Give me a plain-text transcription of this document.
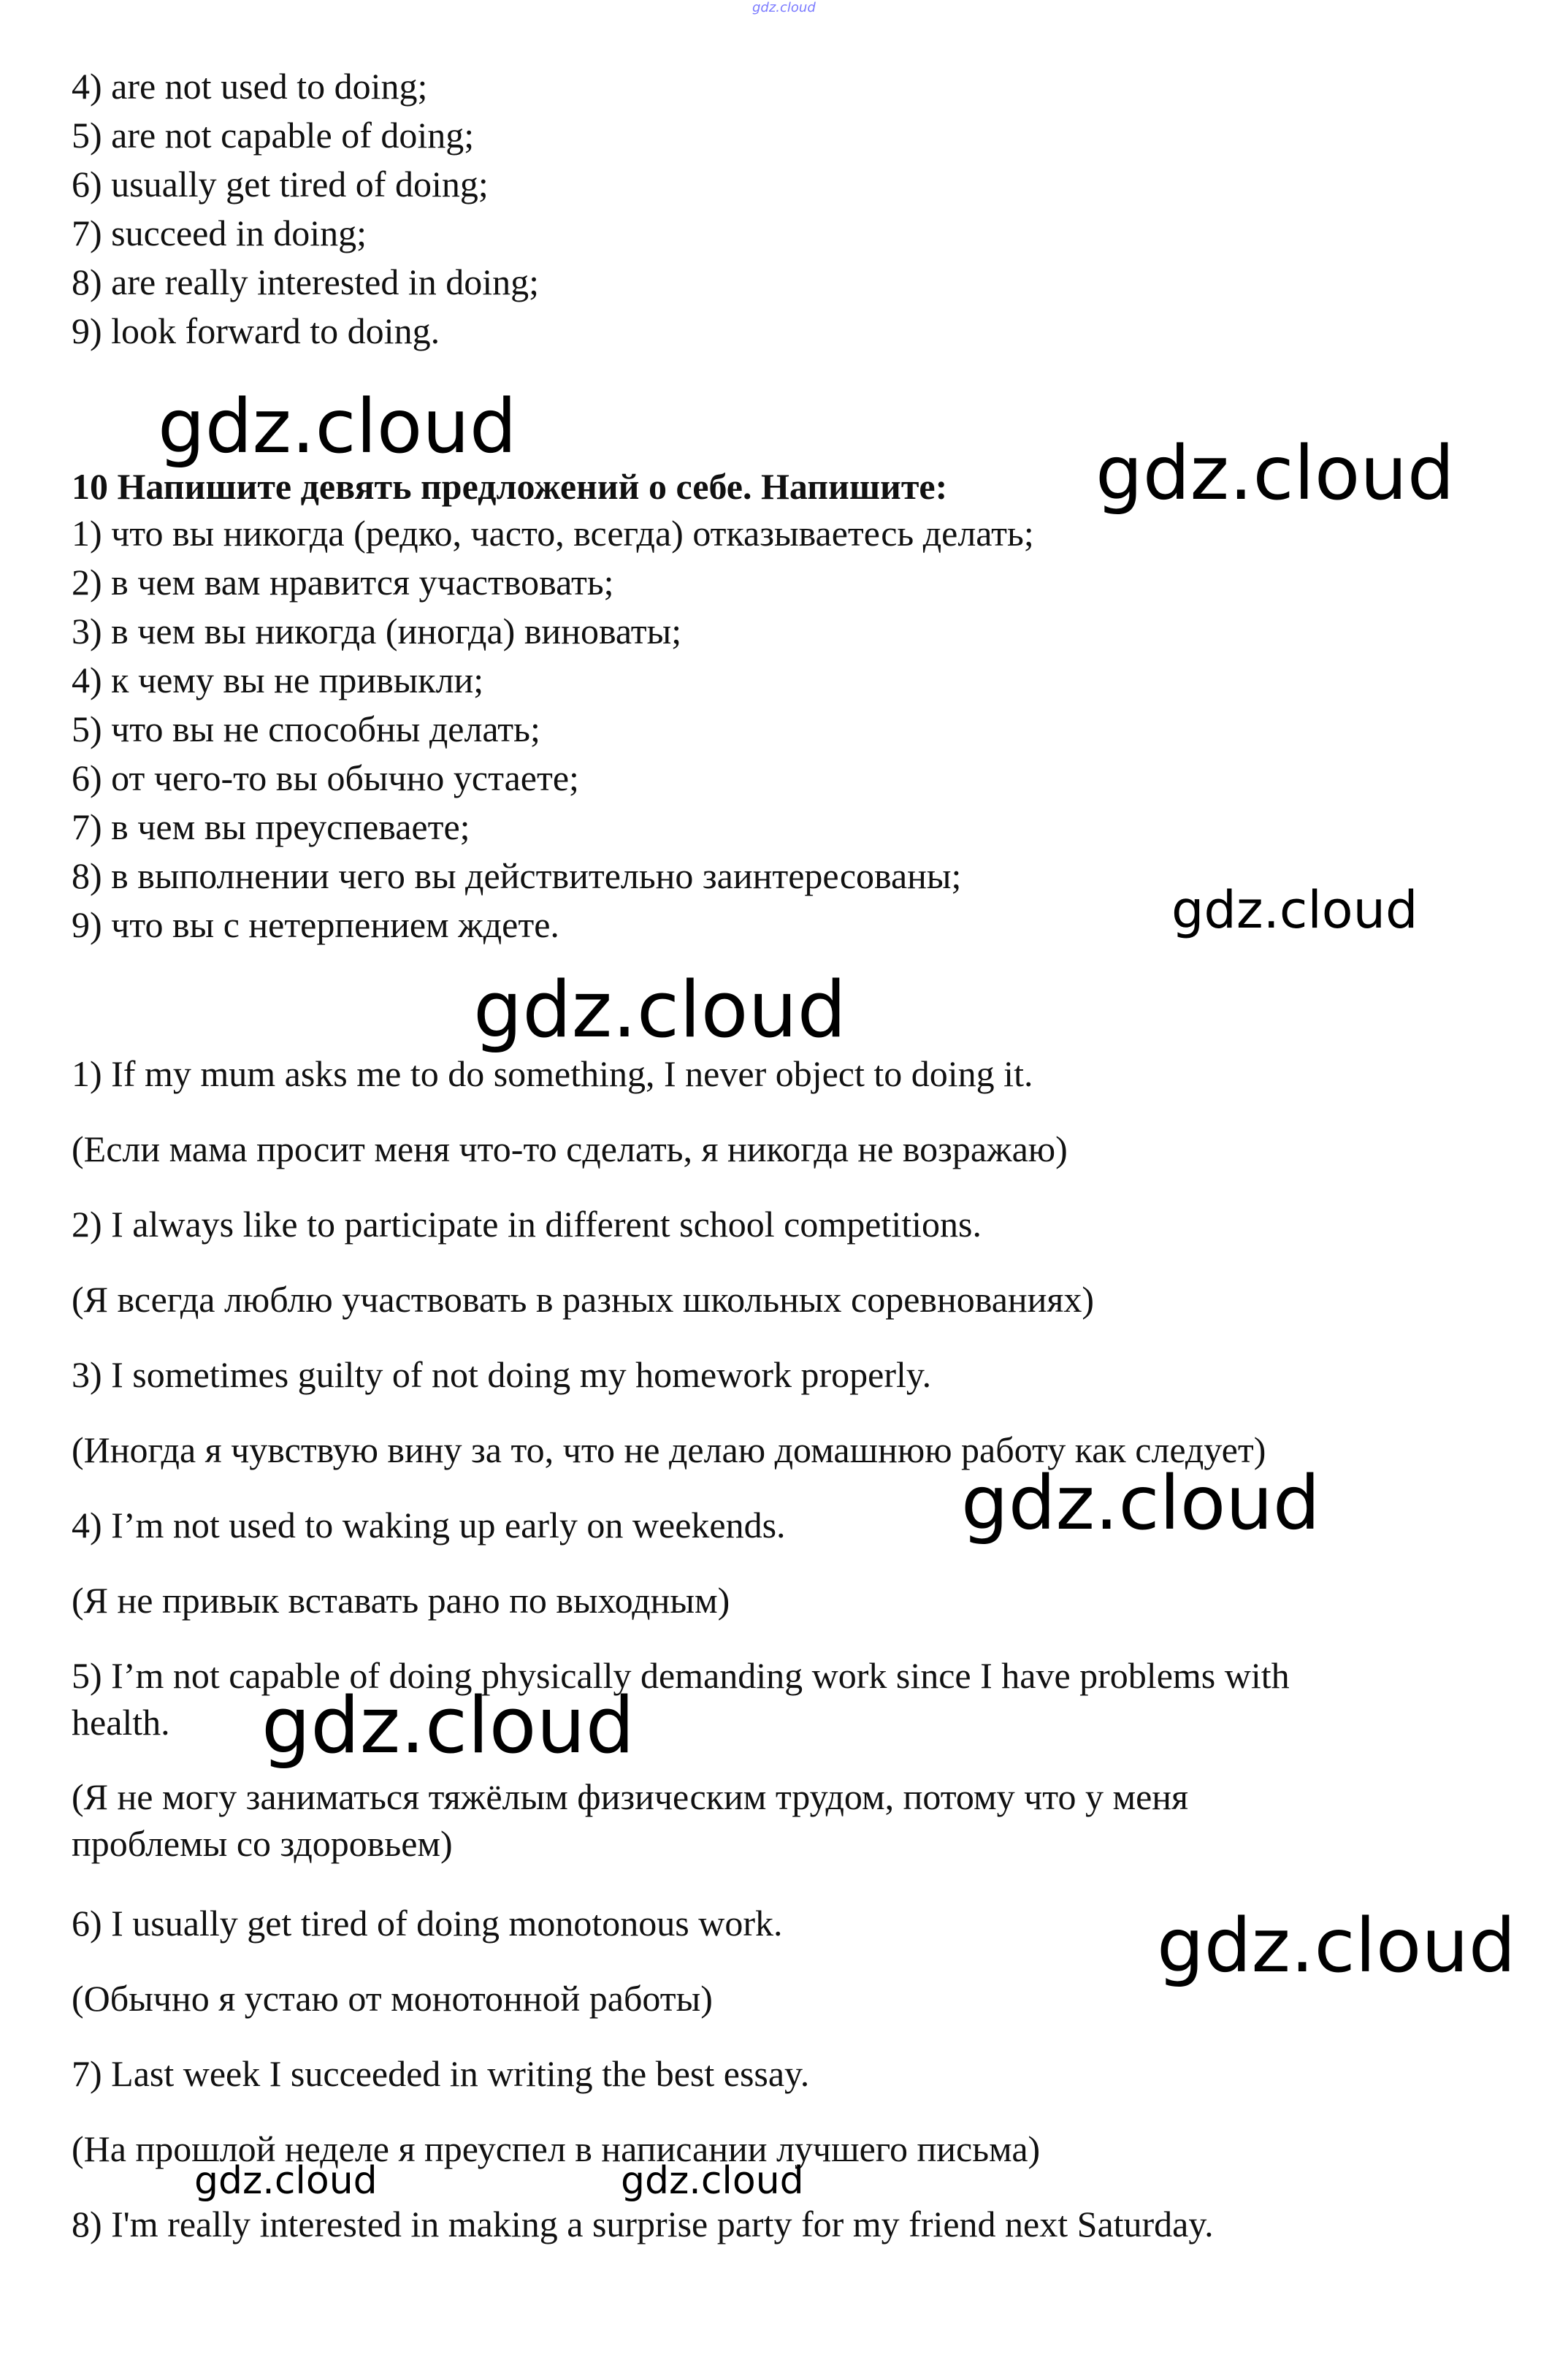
gdz.cloud
4) are not used to doing;
5) are not capable of doing;
6) usually get tired of doing;
7) succeed in doing;
8) are really interested in doing;
9) look forward to doing.
10 Напишите девять предложений о себе. Напишите:
1) что вы никогда (редко, часто, всегда) отказываетесь делать;
2) в чем вам нравится участвовать;
3) в чем вы никогда (иногда) виноваты;
4) к чему вы не привыкли;
5) что вы не способны делать;
6) от чего-то вы обычно устаете;
7) в чем вы преуспеваете;
8) в выполнении чего вы действительно заинтересованы;
9) что вы с нетерпением ждете.
1) If my mum asks me to do something, I never object to doing it.
(Если мама просит меня что-то сделать, я никогда не возражаю)
2) I always like to participate in different school competitions.
(Я всегда люблю участвовать в разных школьных соревнованиях)
3) I sometimes guilty of not doing my homework properly.
(Иногда я чувствую вину за то, что не делаю домашнюю работу как следует)
4) I’m not used to waking up early on weekends.
(Я не привык вставать рано по выходным)
5) I’m not capable of doing physically demanding work since I have problems with
health.
(Я не могу заниматься тяжёлым физическим трудом, потому что у меня
проблемы со здоровьем)
6) I usually get tired of doing monotonous work.
(Обычно я устаю от монотонной работы)
7) Last week I succeeded in writing the best essay.
(На прошлой неделе я преуспел в написании лучшего письма)
8) I'm really interested in making a surprise party for my friend next Saturday.
gdz.cloud
gdz.cloud
gdz.cloud
gdz.cloud
gdz.cloud
gdz.cloud
gdz.cloud
gdz.cloud	gdz.cloud
